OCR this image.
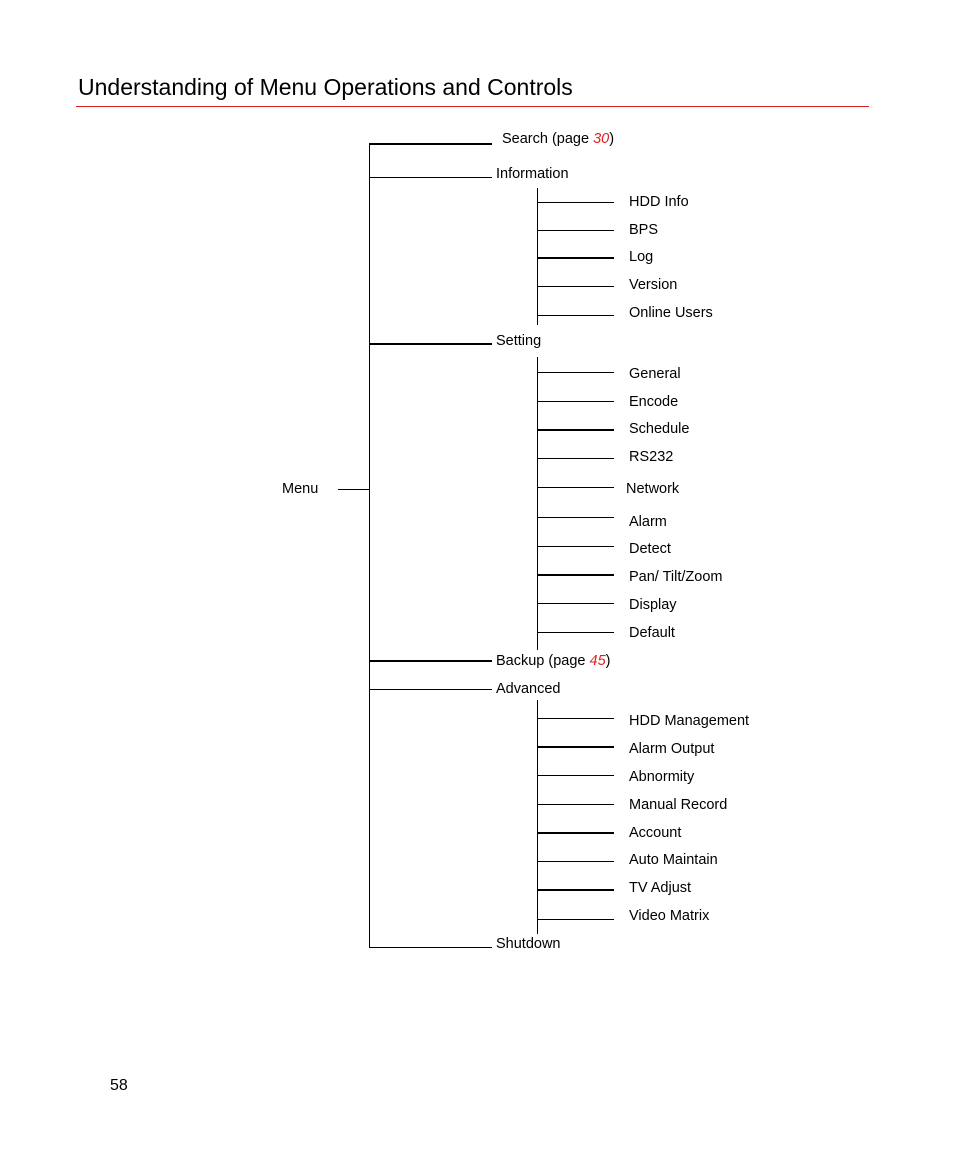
Understanding of Menu Operations and Controls
Menu
Search (page 30)
Information
HDD Info
BPS
Log
Version
Online Users
Setting
General
Encode
Schedule
RS232
Network
Alarm
Detect
Pan/ Tilt/Zoom
Display
Default
Backup (page 45)
Advanced
HDD Management
Alarm Output
Abnormity
Manual Record
Account
Auto Maintain
TV Adjust
Video Matrix
Shutdown
58
